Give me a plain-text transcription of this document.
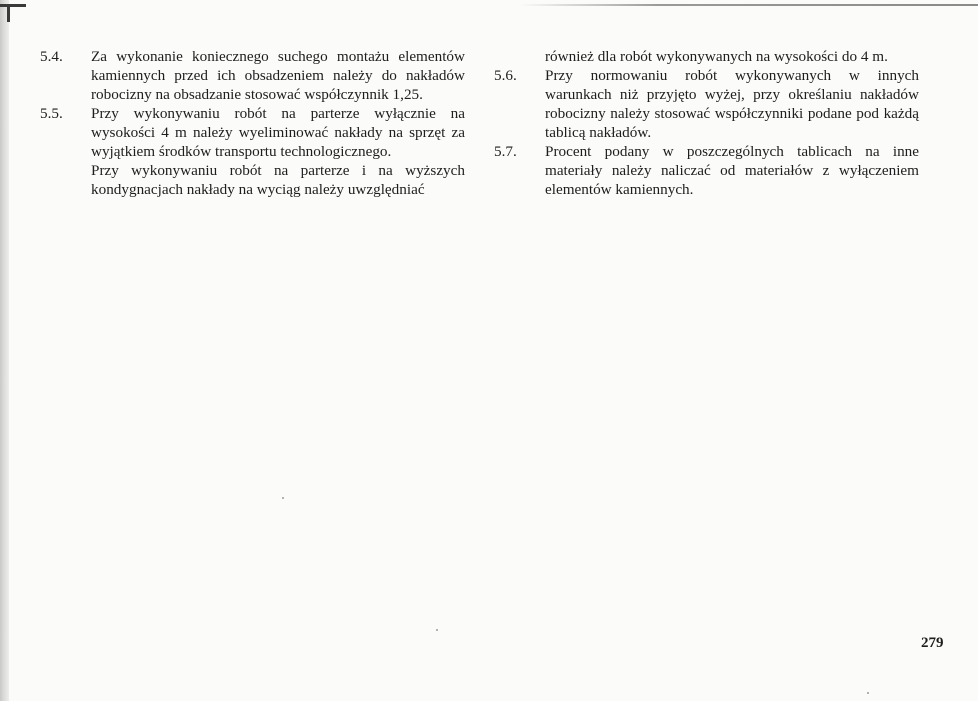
5.4.	Za wykonanie koniecznego suchego montażu elementów kamiennych przed ich obsadzeniem należy do nakładów robocizny na obsadzanie stosować współczynnik 1,25.
5.5.	Przy wykonywaniu robót na parterze wyłącznie na wysokości 4 m należy wyeliminować nakłady na sprzęt za wyjątkiem środków transportu technologicznego.
Przy wykonywaniu robót na parterze i na wyższych kondygnacjach nakłady na wyciąg należy uwzględniać
również dla robót wykonywanych na wysokości do 4 m.
5.6.	Przy normowaniu robót wykonywanych w innych warunkach niż przyjęto wyżej, przy określaniu nakładów robocizny należy stosować współczynniki podane pod każdą tablicą nakładów.
5.7.	Procent podany w poszczególnych tablicach na inne materiały należy naliczać od materiałów z wyłączeniem elementów kamiennych.
279
